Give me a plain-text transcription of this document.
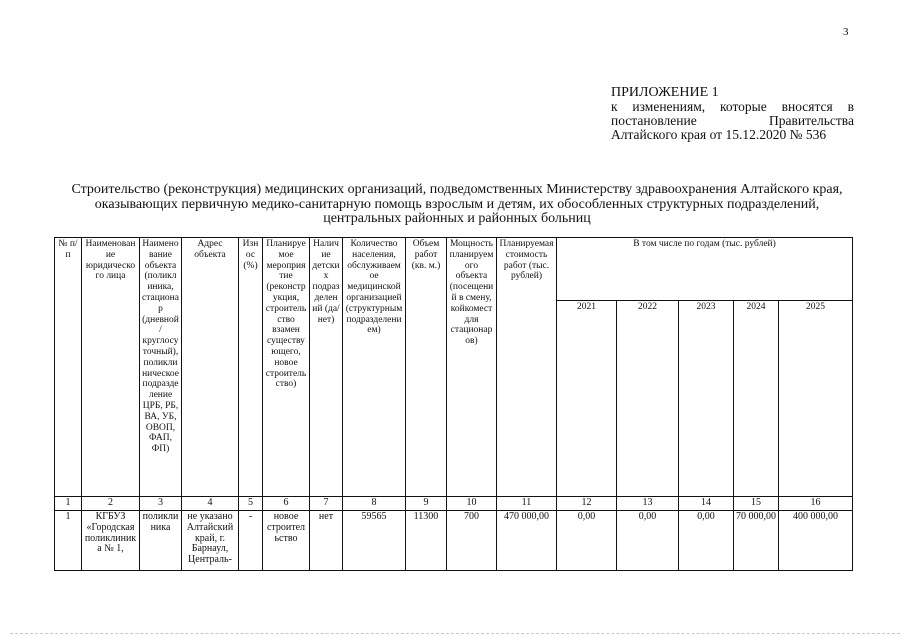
3
ПРИЛОЖЕНИЕ 1
к изменениям, которые вносятся в постановление Правительства Алтайского края от 15.12.2020 № 536
Строительство (реконструкция) медицинских организаций, подведомственных Министерству здравоохранения Алтайского края, оказывающих первичную медико-санитарную помощь взрослым и детям, их обособленных структурных подразделений, центральных районных и районных больниц
№ п/п	Наименование юридического лица	Наименование объекта (поликлиника, стационар (дневной/круглосуточный), поликлиническое подразделение ЦРБ, РБ, ВА, УБ, ОВОП, ФАП, ФП)	Адрес объекта	Износ (%)	Планируемое мероприятие (реконструкция, строительство взамен существующего, новое строительство)	Наличие детских подразделений (да/нет)	Количество населения, обслуживаемое медицинской организацией (структурным подразделением)	Объем работ (кв. м.)	Мощность планируемого объекта (посещений в смену, койкомест для стационаров)	Планируемая стоимость работ (тыс. рублей)	В том числе по годам (тыс. рублей)				
											2021	2022	2023	2024	2025
1	2	3	4	5	6	7	8	9	10	11	12	13	14	15	16
1	КГБУЗ «Городская поликлиника № 1,	поликлиника	не указано Алтайский край, г. Барнаул, Централь-	-	новое строительство	нет	59565	11300	700	470 000,00	0,00	0,00	0,00	70 000,00	400 000,00
